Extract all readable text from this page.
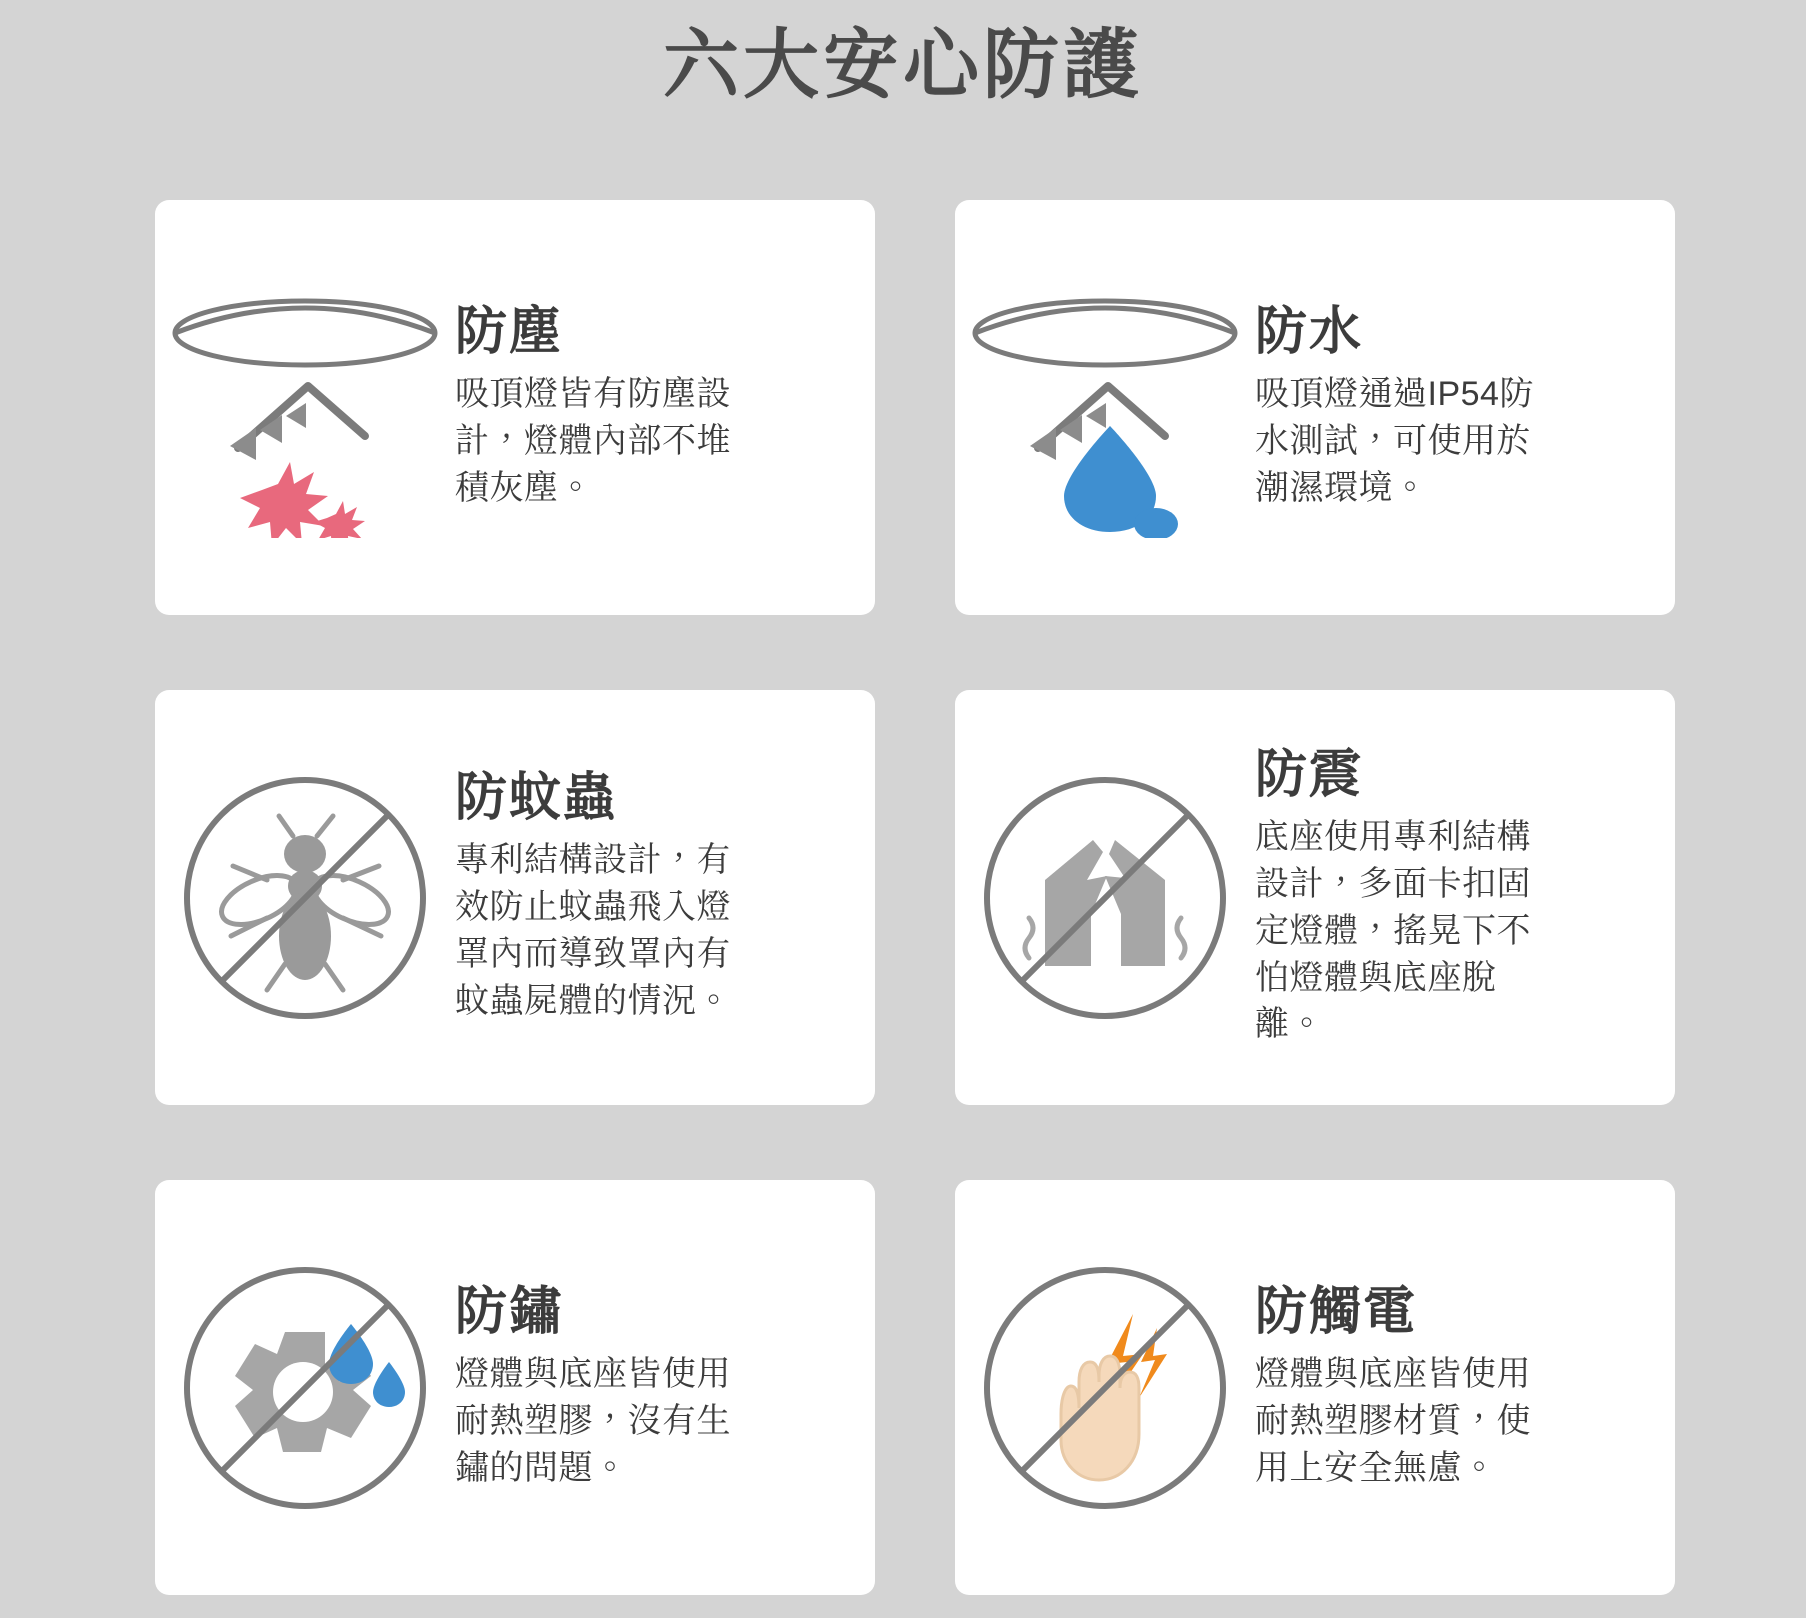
六大安心防護
防塵
吸頂燈皆有防塵設計，燈體內部不堆積灰塵。
防水
吸頂燈通過IP54防水測試，可使用於潮濕環境。
防蚊蟲
專利結構設計，有效防止蚊蟲飛入燈罩內而導致罩內有蚊蟲屍體的情況。
防震
底座使用專利結構設計，多面卡扣固定燈體，搖晃下不怕燈體與底座脫離。
防鏽
燈體與底座皆使用耐熱塑膠，沒有生鏽的問題。
防觸電
燈體與底座皆使用耐熱塑膠材質，使用上安全無慮。
